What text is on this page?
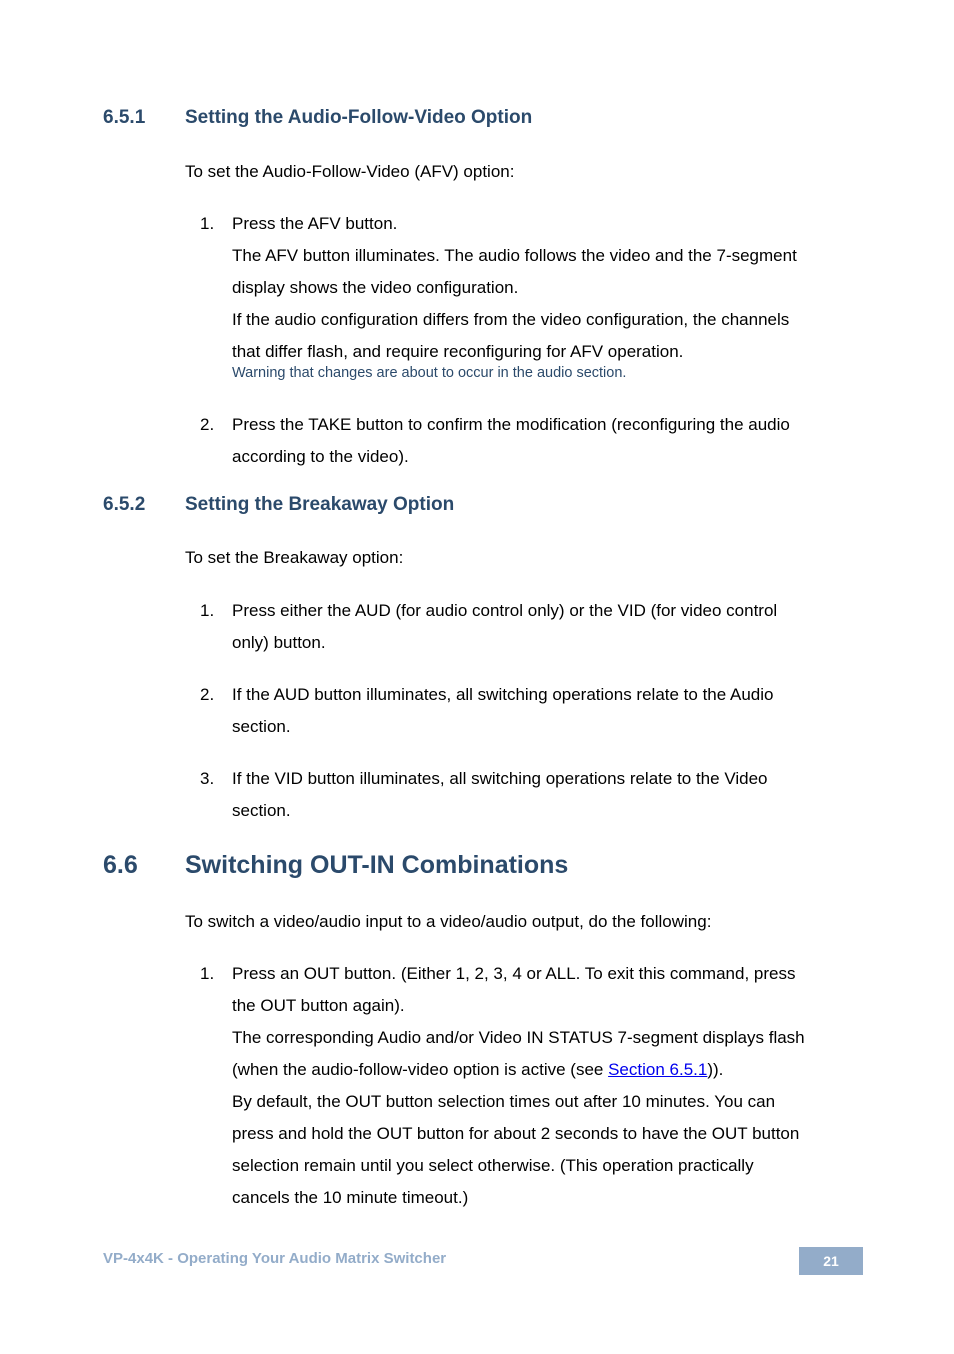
6.5.1 Setting the Audio-Follow-Video Option
To set the Audio-Follow-Video (AFV) option:
1. Press the AFV button.
The AFV button illuminates. The audio follows the video and the 7-segment
display shows the video configuration.
If the audio configuration differs from the video configuration, the channels
that differ flash, and require reconfiguring for AFV operation.
Warning that changes are about to occur in the audio section.
2. Press the TAKE button to confirm the modification (reconfiguring the audio
according to the video).
6.5.2 Setting the Breakaway Option
To set the Breakaway option:
1. Press either the AUD (for audio control only) or the VID (for video control
only) button.
2. If the AUD button illuminates, all switching operations relate to the Audio
section.
3. If the VID button illuminates, all switching operations relate to the Video
section.
6.6 Switching OUT-IN Combinations
To switch a video/audio input to a video/audio output, do the following:
1. Press an OUT button. (Either 1, 2, 3, 4 or ALL. To exit this command, press
the OUT button again).
The corresponding Audio and/or Video IN STATUS 7-segment displays flash
(when the audio-follow-video option is active (see Section 6.5.1)).
By default, the OUT button selection times out after 10 minutes. You can
press and hold the OUT button for about 2 seconds to have the OUT button
selection remain until you select otherwise. (This operation practically
cancels the 10 minute timeout.)
VP-4x4K - Operating Your Audio Matrix Switcher	21
